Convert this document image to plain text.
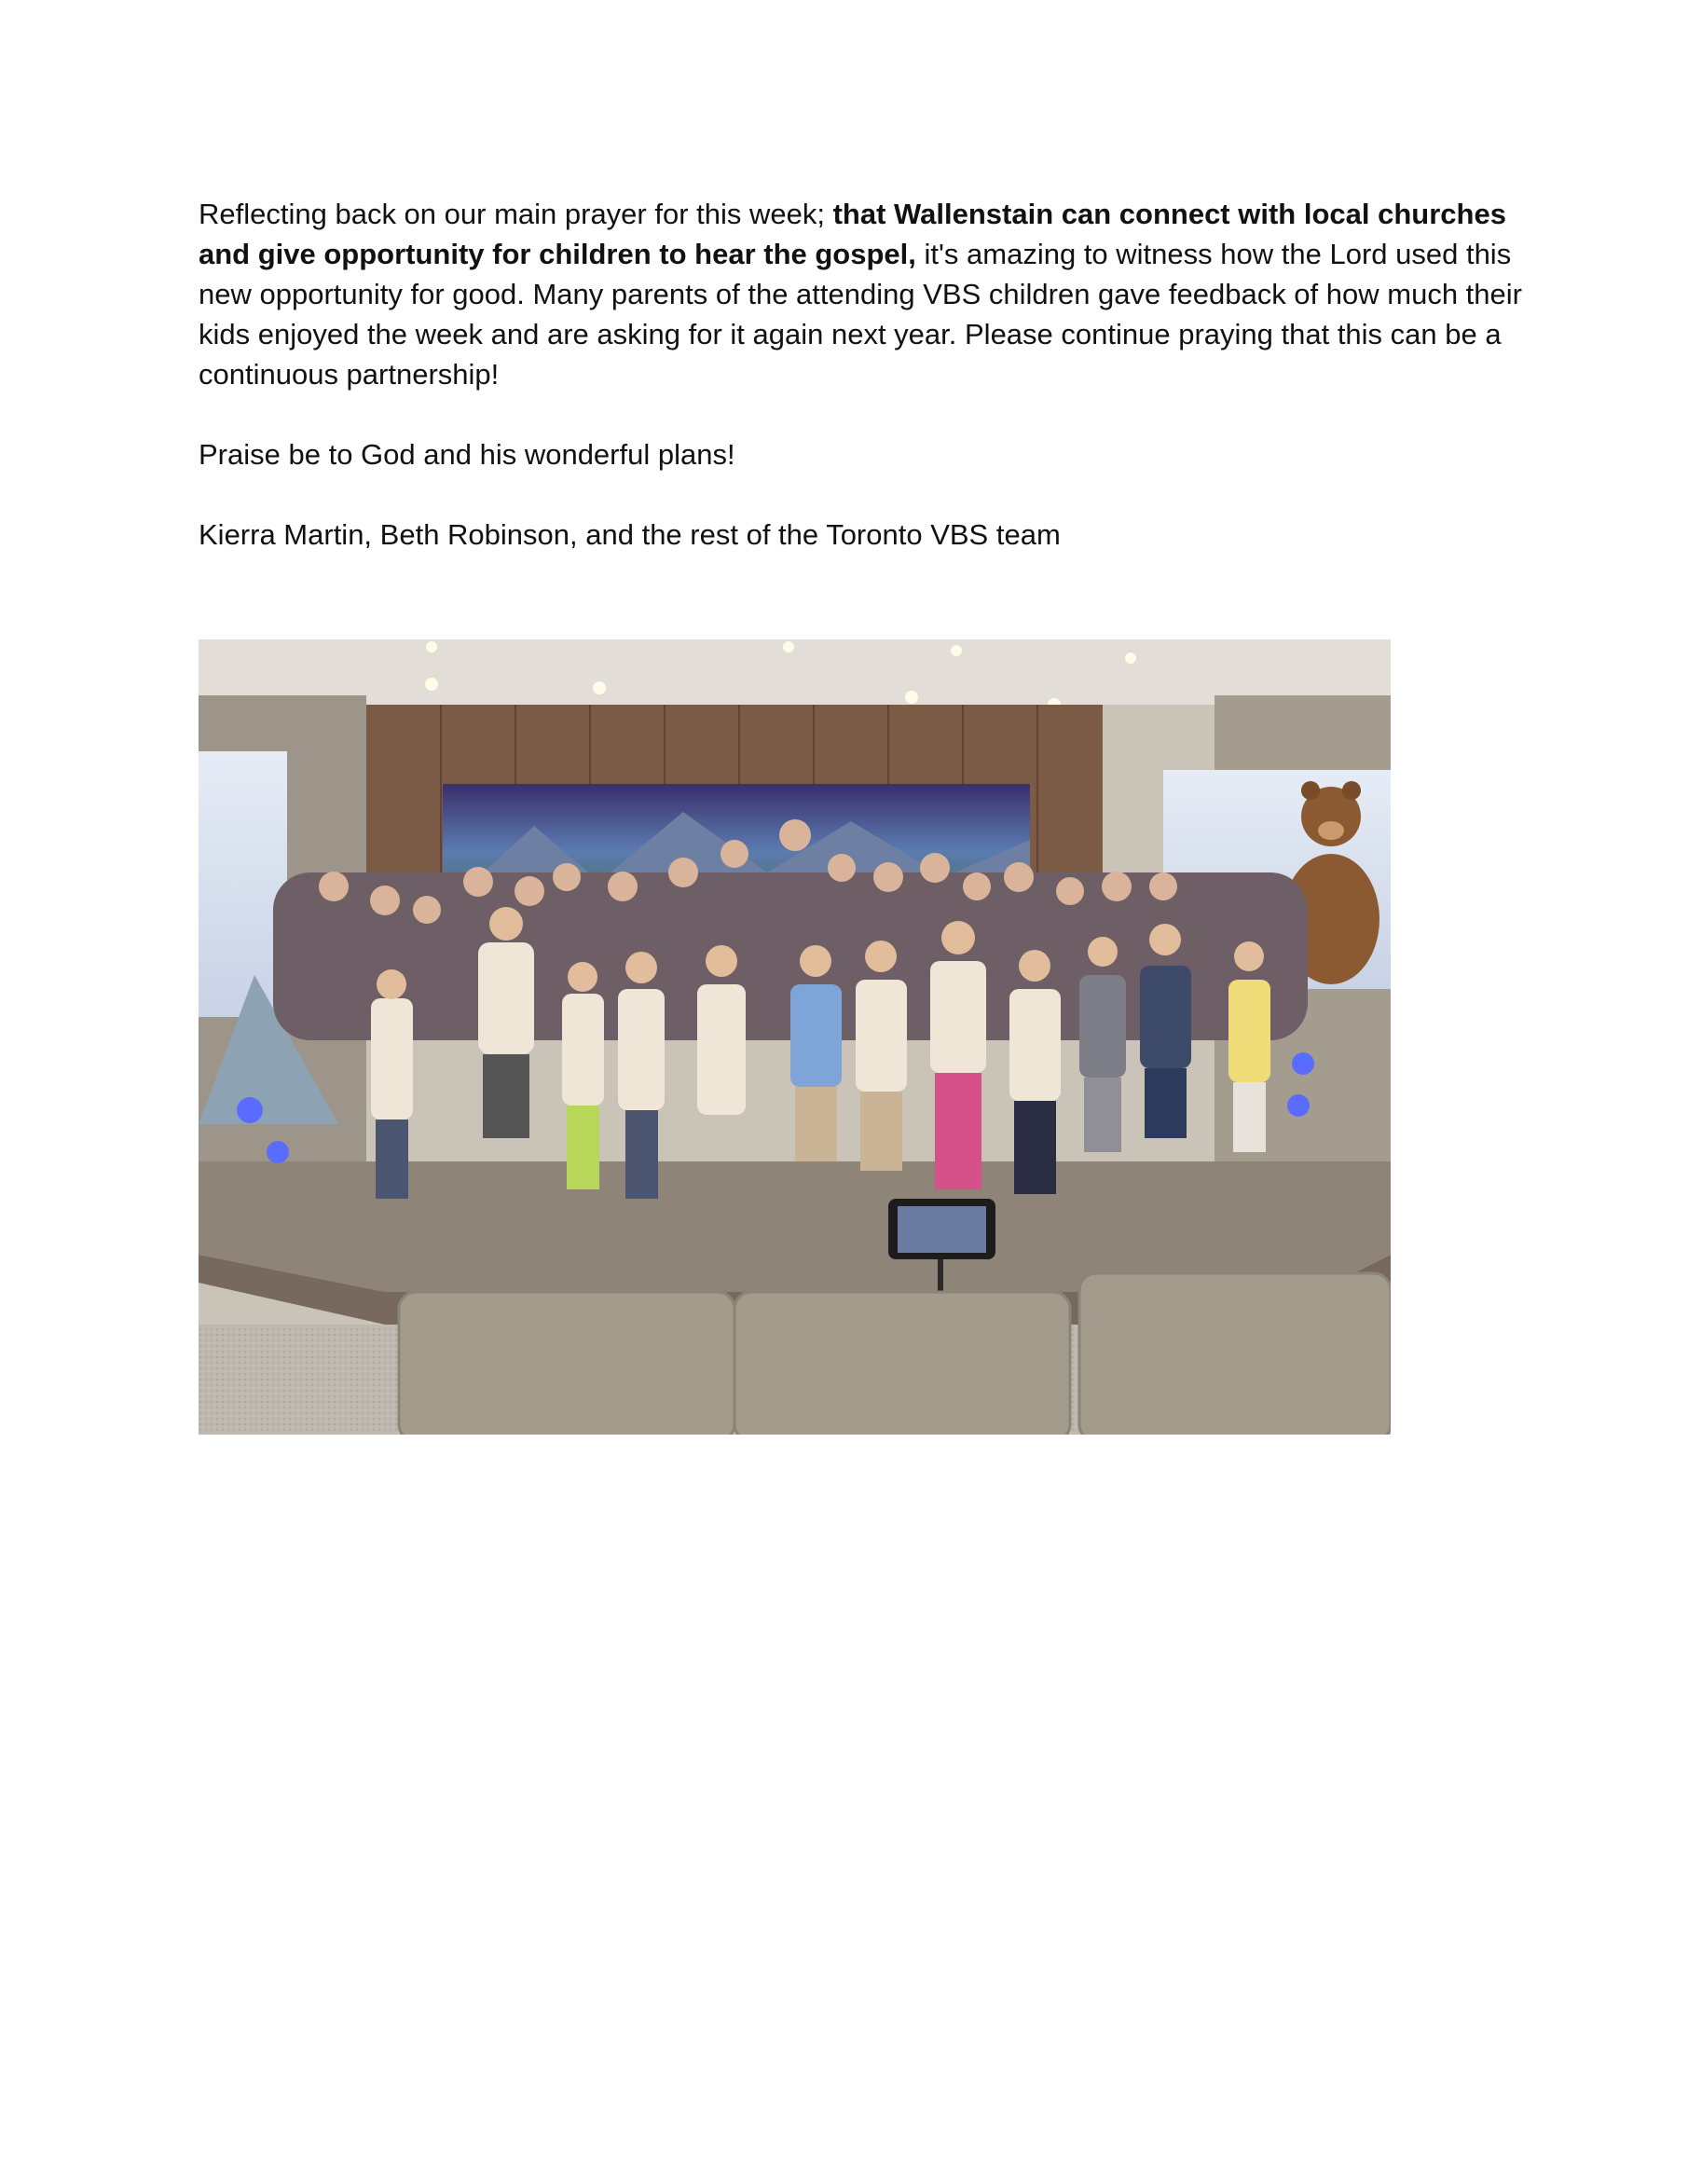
Reflecting back on our main prayer for this week; that Wallenstain can connect with local churches and give opportunity for children to hear the gospel, it's amazing to witness how the Lord used this new opportunity for good. Many parents of the attending VBS children gave feedback of how much their kids enjoyed the week and are asking for it again next year. Please continue praying that this can be a continuous partnership!

Praise be to God and his wonderful plans!

Kierra Martin, Beth Robinson, and the rest of the Toronto VBS team
